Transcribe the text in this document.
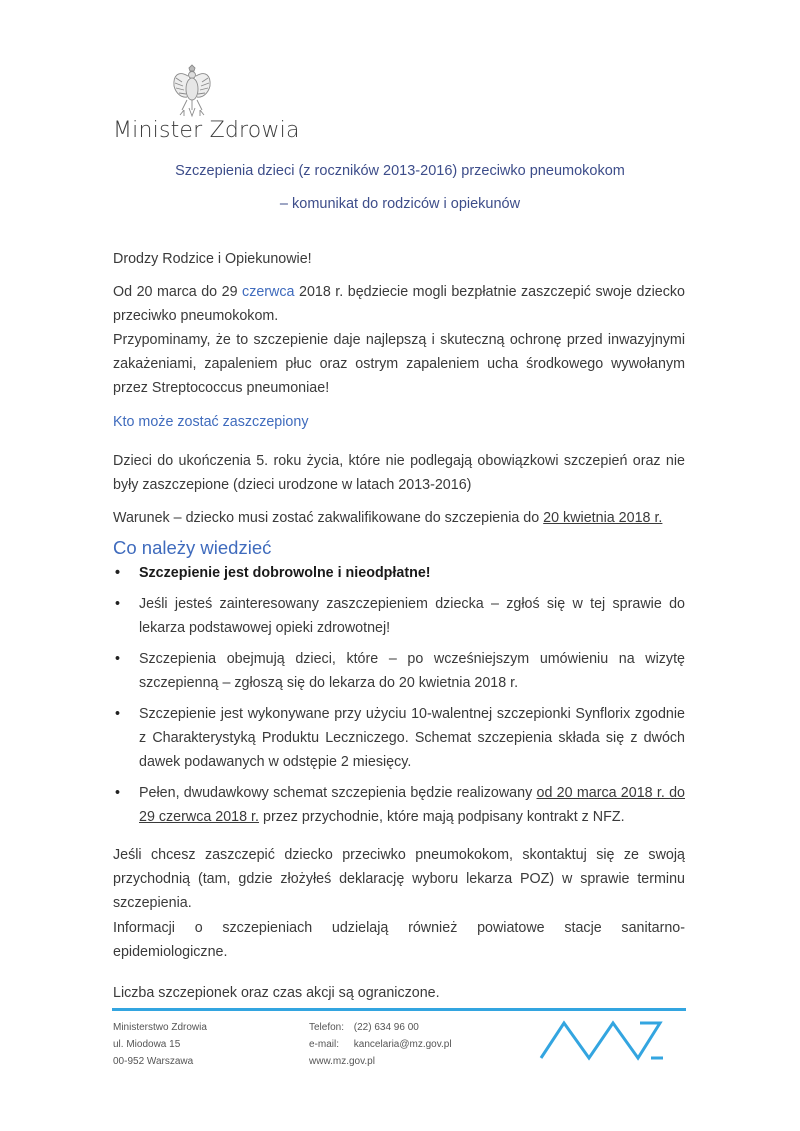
Minister Zdrowia
Szczepienia dzieci (z roczników 2013-2016) przeciwko pneumokokom
– komunikat do rodziców i opiekunów
Drodzy Rodzice i Opiekunowie!
Od 20 marca do 29 czerwca 2018 r. będziecie mogli bezpłatnie zaszczepić swoje dziecko przeciwko pneumokokom.
Przypominamy, że to szczepienie daje najlepszą i skuteczną ochronę przed inwazyjnymi zakażeniami, zapaleniem płuc oraz ostrym zapaleniem ucha środkowego wywołanym przez Streptococcus pneumoniae!
Kto może zostać zaszczepiony
Dzieci do ukończenia 5. roku życia, które nie podlegają obowiązkowi szczepień oraz nie były zaszczepione (dzieci urodzone w latach 2013-2016)
Warunek – dziecko musi zostać zakwalifikowane do szczepienia do 20 kwietnia 2018 r.
Co należy wiedzieć
• Szczepienie jest dobrowolne i nieodpłatne!
• Jeśli jesteś zainteresowany zaszczepieniem dziecka – zgłoś się w tej sprawie do lekarza podstawowej opieki zdrowotnej!
• Szczepienia obejmują dzieci, które – po wcześniejszym umówieniu na wizytę szczepienną – zgłoszą się do lekarza do 20 kwietnia 2018 r.
• Szczepienie jest wykonywane przy użyciu 10-walentnej szczepionki Synflorix zgodnie z Charakterystyką Produktu Leczniczego. Schemat szczepienia składa się z dwóch dawek podawanych w odstępie 2 miesięcy.
• Pełen, dwudawkowy schemat szczepienia będzie realizowany od 20 marca 2018 r. do 29 czerwca 2018 r. przez przychodnie, które mają podpisany kontrakt z NFZ.
Jeśli chcesz zaszczepić dziecko przeciwko pneumokokom, skontaktuj się ze swoją przychodnią (tam, gdzie złożyłeś deklarację wyboru lekarza POZ) w sprawie terminu szczepienia.
Informacji o szczepieniach udzielają również powiatowe stacje sanitarno-epidemiologiczne.
Liczba szczepionek oraz czas akcji są ograniczone.
Ministerstwo Zdrowia
ul. Miodowa 15
00-952 Warszawa
Telefon: (22) 634 96 00
e-mail: kancelaria@mz.gov.pl
www.mz.gov.pl
